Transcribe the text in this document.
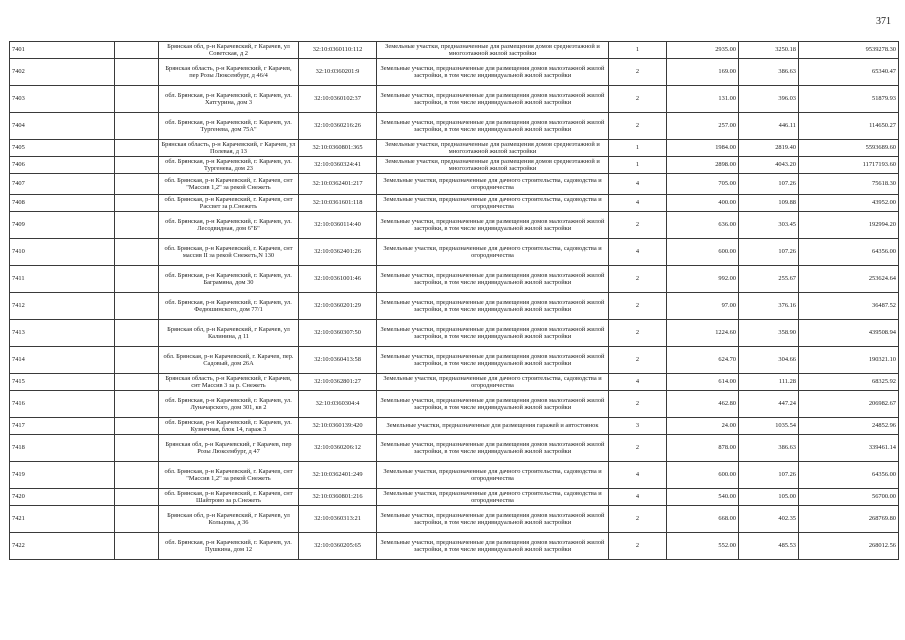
371
7401		Брянская обл, р-н Карачевский, г Карачев, ул Советская, д 2	32:10:0360110:112	Земельные участки, предназначенные для размещения домов среднеэтажной и многоэтажной жилой застройки	1	2935.00	3250.18	9539278.30
7402		Брянская область, р-н Карачевский, г Карачев, пер Розы Люксембург, д 46/4	32:10:0360201:9	Земельные участки, предназначенные для размещения домов малоэтажной жилой застройки, в том числе индивидуальной жилой застройки	2	169.00	386.63	65340.47
7403		обл. Брянская, р-н Карачевский, г. Карачев, ул. Хатгурина, дом 3	32:10:0360102:37	Земельные участки, предназначенные для размещения домов малоэтажной жилой застройки, в том числе индивидуальной жилой застройки	2	131.00	396.03	51879.93
7404		обл. Брянская, р-н Карачевский, г. Карачев, ул. Тургенева, дом 75А"	32:10:0360216:26	Земельные участки, предназначенные для размещения домов малоэтажной жилой застройки, в том числе индивидуальной жилой застройки	2	257.00	446.11	114650.27
7405		Брянская область, р-н Карачевский, г Карачев, ул Полевая, д 13	32:10:0360801:365	Земельные участки, предназначенные для размещения домов среднеэтажной и многоэтажной жилой застройки	1	1984.00	2819.40	5593689.60
7406		обл. Брянская, р-н Карачевский, г. Карачев, ул. Тургенева, дом 23	32:10:0360324:41	Земельные участки, предназначенные для размещения домов среднеэтажной и многоэтажной жилой застройки	1	2898.00	4043.20	11717193.60
7407		обл. Брянская, р-н Карачевский, г. Карачев, снт "Массив 1,2" за рекой Снежеть	32:10:0362401:217	Земельные участки, предназначенные для дачного строительства, садоводства и огородничества	4	705.00	107.26	75618.30
7408		обл. Брянская, р-н Карачевский, г. Карачев, снт Рассвет за р.Снежеть	32:10:0361601:118	Земельные участки, предназначенные для дачного строительства, садоводства и огородничества	4	400.00	109.88	43952.00
7409		обл. Брянская, р-н Карачевский, г. Карачев, ул. Лесодвидная, дом 6"Б"	32:10:0360114:40	Земельные участки, предназначенные для размещения домов малоэтажной жилой застройки, в том числе индивидуальной жилой застройки	2	636.00	303.45	192994.20
7410		обл. Брянская, р-н Карачевский, г. Карачев, снт массив II за рекой Снежеть,N 130	32:10:0362401:26	Земельные участки, предназначенные для дачного строительства, садоводства и огородничества	4	600.00	107.26	64356.00
7411		обл. Брянская, р-н Карачевский, г. Карачев, ул. Баграмяна, дом 30	32:10:0361001:46	Земельные участки, предназначенные для размещения домов малоэтажной жилой застройки, в том числе индивидуальной жилой застройки	2	992.00	255.67	253624.64
7412		обл. Брянская, р-н Карачевский, г. Карачев, ул. Федюшинского, дом 77/1	32:10:0360201:29	Земельные участки, предназначенные для размещения домов малоэтажной жилой застройки, в том числе индивидуальной жилой застройки	2	97.00	376.16	36487.52
7413		Брянская обл, р-н Карачевский, г Карачев, ул Калинина, д 11	32:10:0360307:50	Земельные участки, предназначенные для размещения домов малоэтажной жилой застройки, в том числе индивидуальной жилой застройки	2	1224.60	358.90	439508.94
7414		обл. Брянская, р-н Карачевский, г. Карачев, пер. Садовый, дом 26А	32:10:0360413:58	Земельные участки, предназначенные для размещения домов малоэтажной жилой застройки, в том числе индивидуальной жилой застройки	2	624.70	304.66	190321.10
7415		Брянская область, р-н Карачевский, г Карачев, снт Массив 3 за р. Снежеть	32:10:0362801:27	Земельные участки, предназначенные для дачного строительства, садоводства и огородничества	4	614.00	111.28	68325.92
7416		обл. Брянская, р-н Карачевский, г. Карачев, ул. Луначарского, дом 301, кв 2	32:10:0360304:4	Земельные участки, предназначенные для размещения домов малоэтажной жилой застройки, в том числе индивидуальной жилой застройки	2	462.80	447.24	206982.67
7417		обл. Брянская, р-н Карачевский, г. Карачев, ул. Кузнечная, блок 14, гараж 3	32:10:0360139:420	Земельные участки, предназначенные для размещения гаражей и автостоянок	3	24.00	1035.54	24852.96
7418		Брянская обл, р-н Карачевский, г Карачев, пер Розы Люксембург, д 47	32:10:0360206:12	Земельные участки, предназначенные для размещения домов малоэтажной жилой застройки, в том числе индивидуальной жилой застройки	2	878.00	386.63	339461.14
7419		обл. Брянская, р-н Карачевский, г. Карачев, снт "Массив 1,2" за рекой Снежеть	32:10:0362401:249	Земельные участки, предназначенные для дачного строительства, садоводства и огородничества	4	600.00	107.26	64356.00
7420		обл. Брянская, р-н Карачевский, г. Карачев, снт Шайтрово за р.Снежеть	32:10:0360801:216	Земельные участки, предназначенные для дачного строительства, садоводства и огородничества	4	540.00	105.00	56700.00
7421		Брянская обл, р-н Карачевский, г Карачев, ул Кольцова, д 36	32:10:0360313:21	Земельные участки, предназначенные для размещения домов малоэтажной жилой застройки, в том числе индивидуальной жилой застройки	2	668.00	402.35	268769.80
7422		обл. Брянская, р-н Карачевский, г. Карачев, ул. Пушкина, дом 12	32:10:0360205:65	Земельные участки, предназначенные для размещения домов малоэтажной жилой застройки, в том числе индивидуальной жилой застройки	2	552.00	485.53	268012.56
